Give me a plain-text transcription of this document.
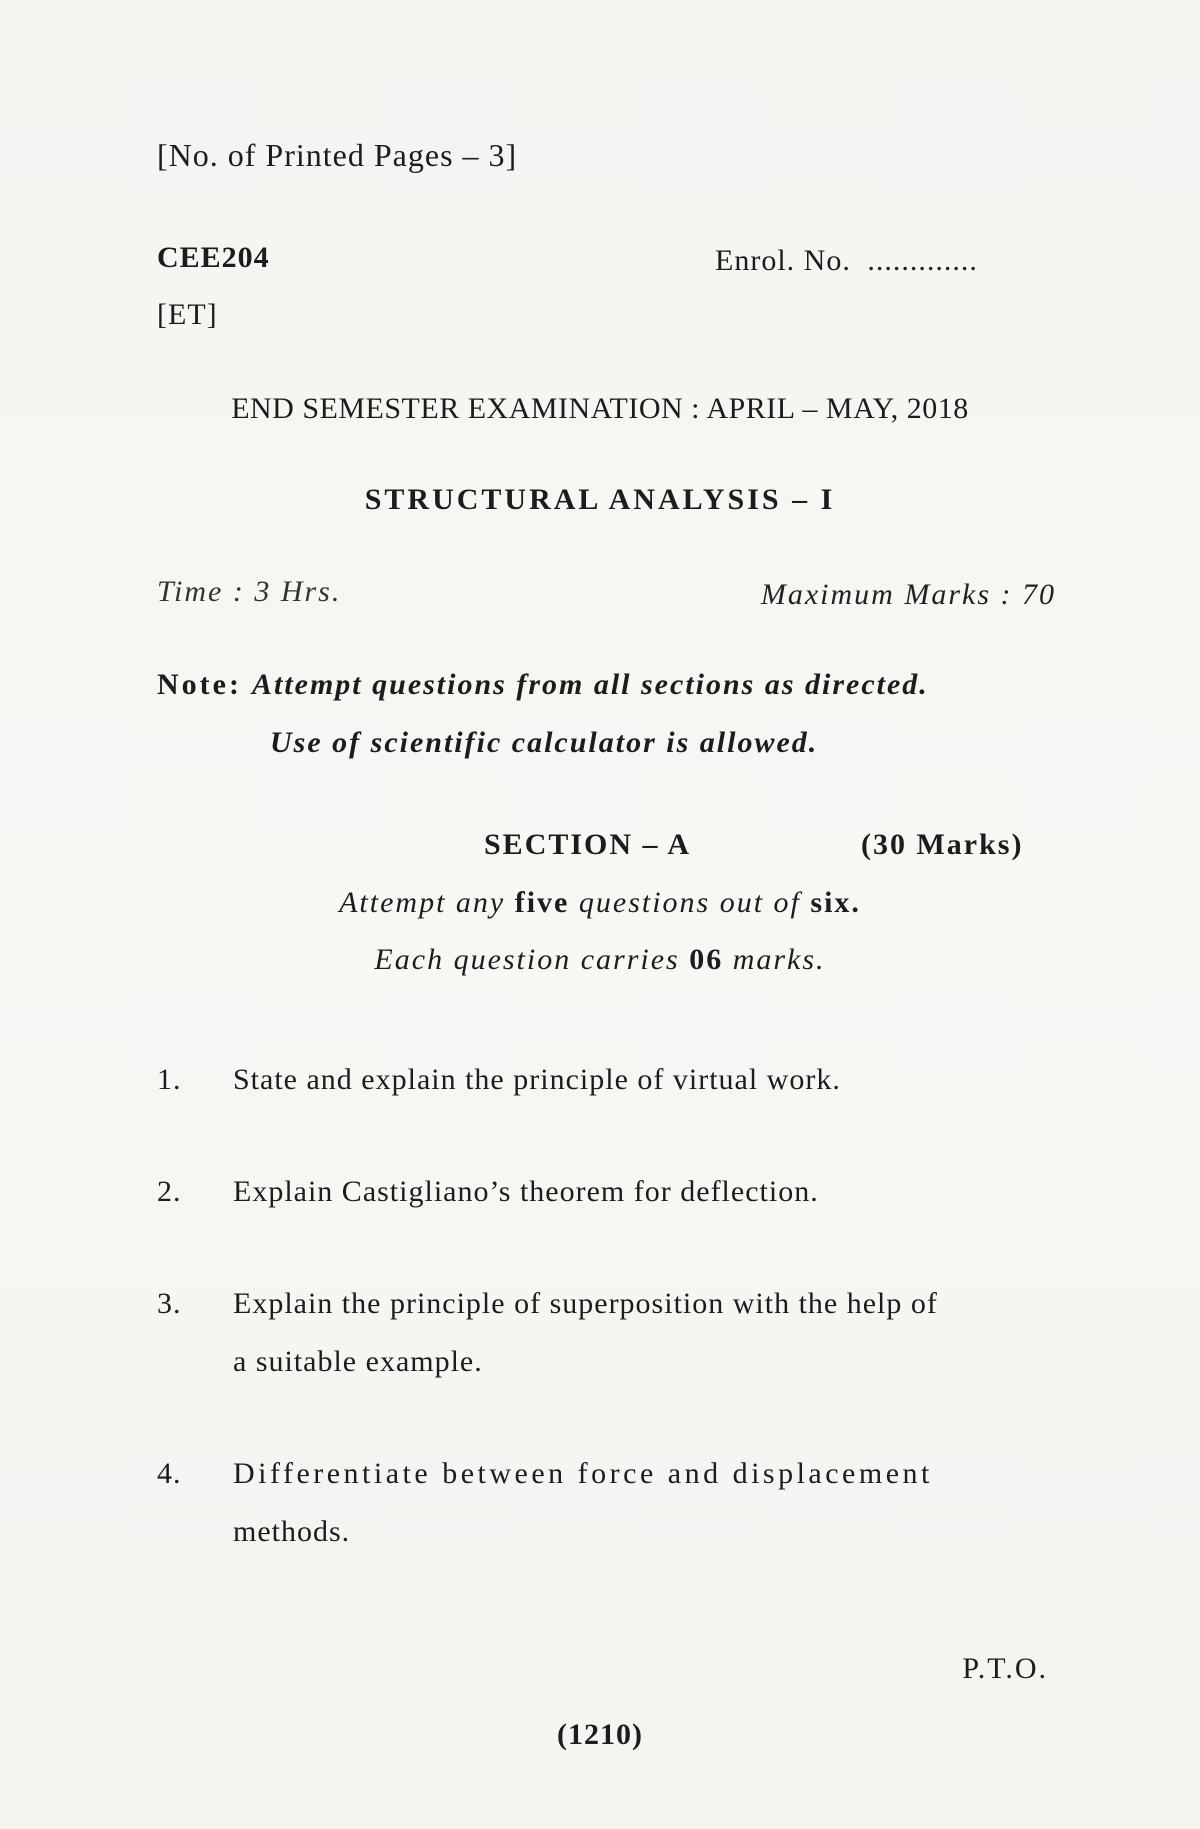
[No. of Printed Pages – 3]
CEE204	Enrol. No. .............
[ET]
END SEMESTER EXAMINATION : APRIL – MAY, 2018
STRUCTURAL ANALYSIS – I
Time : 3 Hrs.	Maximum Marks : 70
Note: Attempt questions from all sections as directed.
Use of scientific calculator is allowed.
SECTION – A	(30 Marks)
Attempt any five questions out of six.
Each question carries 06 marks.
1. State and explain the principle of virtual work.
2. Explain Castigliano’s theorem for deflection.
3. Explain the principle of superposition with the help of
a suitable example.
4. Differentiate between force and displacement
methods.
P.T.O.
(1210)
